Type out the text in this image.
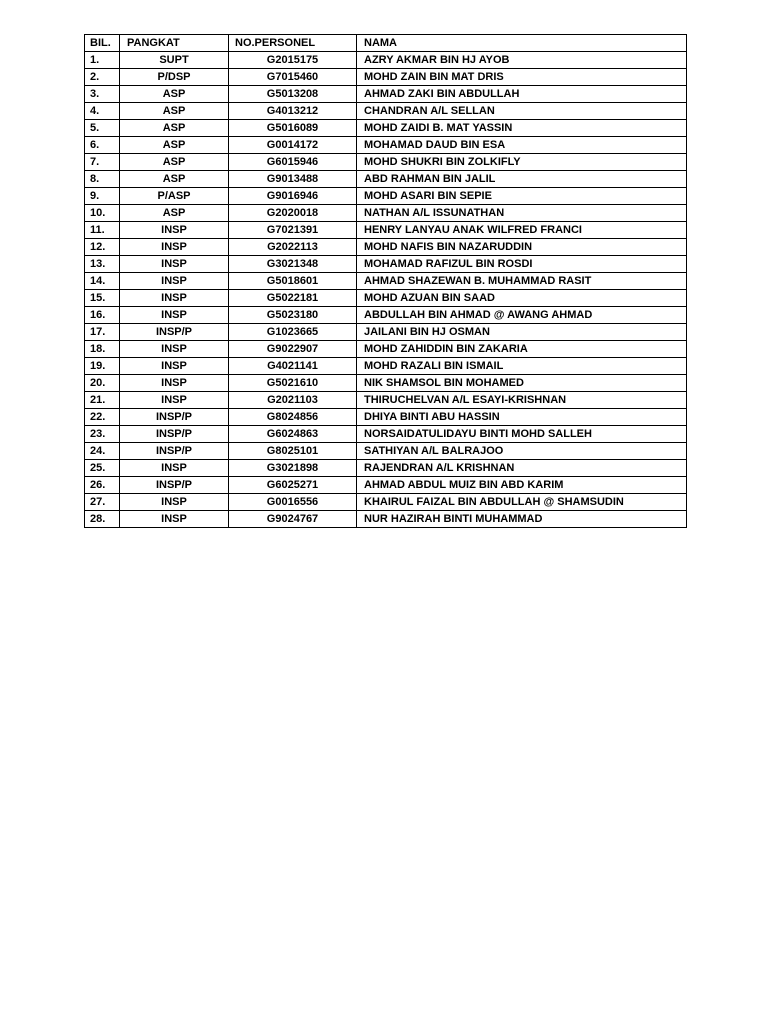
BIL.	PANGKAT	NO.PERSONEL	NAMA
1.	SUPT	G2015175	AZRY AKMAR BIN HJ AYOB
2.	P/DSP	G7015460	MOHD ZAIN BIN MAT DRIS
3.	ASP	G5013208	AHMAD ZAKI BIN ABDULLAH
4.	ASP	G4013212	CHANDRAN A/L SELLAN
5.	ASP	G5016089	MOHD ZAIDI B. MAT YASSIN
6.	ASP	G0014172	MOHAMAD DAUD BIN ESA
7.	ASP	G6015946	MOHD SHUKRI BIN ZOLKIFLY
8.	ASP	G9013488	ABD RAHMAN BIN JALIL
9.	P/ASP	G9016946	MOHD ASARI BIN SEPIE
10.	ASP	G2020018	NATHAN A/L ISSUNATHAN
11.	INSP	G7021391	HENRY LANYAU ANAK WILFRED FRANCI
12.	INSP	G2022113	MOHD NAFIS BIN NAZARUDDIN
13.	INSP	G3021348	MOHAMAD RAFIZUL BIN ROSDI
14.	INSP	G5018601	AHMAD SHAZEWAN B. MUHAMMAD RASIT
15.	INSP	G5022181	MOHD AZUAN BIN SAAD
16.	INSP	G5023180	ABDULLAH BIN AHMAD @ AWANG AHMAD
17.	INSP/P	G1023665	JAILANI BIN HJ OSMAN
18.	INSP	G9022907	MOHD ZAHIDDIN BIN ZAKARIA
19.	INSP	G4021141	MOHD RAZALI BIN ISMAIL
20.	INSP	G5021610	NIK SHAMSOL BIN MOHAMED
21.	INSP	G2021103	THIRUCHELVAN A/L ESAYI-KRISHNAN
22.	INSP/P	G8024856	DHIYA BINTI ABU HASSIN
23.	INSP/P	G6024863	NORSAIDATULIDAYU BINTI MOHD SALLEH
24.	INSP/P	G8025101	SATHIYAN A/L BALRAJOO
25.	INSP	G3021898	RAJENDRAN A/L KRISHNAN
26.	INSP/P	G6025271	AHMAD ABDUL MUIZ BIN ABD KARIM
27.	INSP	G0016556	KHAIRUL FAIZAL BIN ABDULLAH @ SHAMSUDIN
28.	INSP	G9024767	NUR HAZIRAH BINTI MUHAMMAD
